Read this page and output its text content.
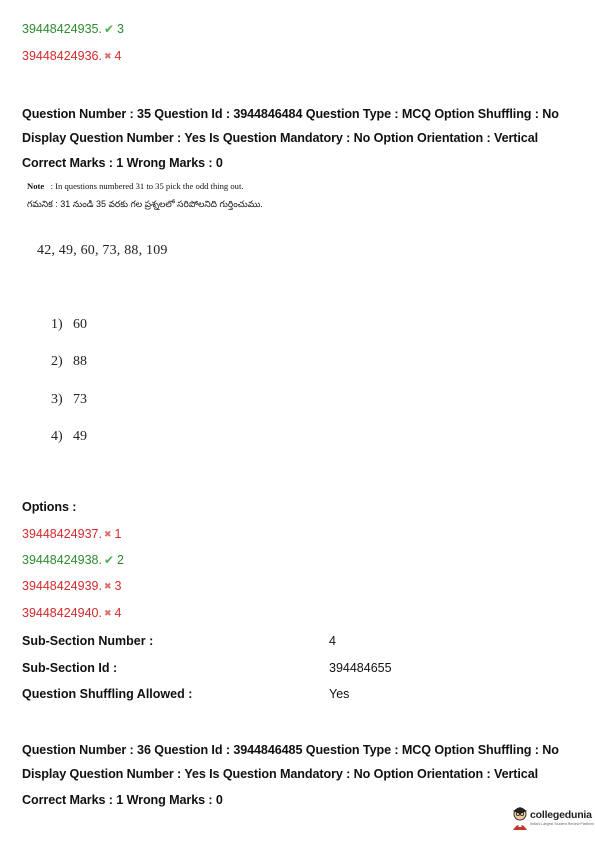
39448424935. ✔ 3
39448424936. ✖ 4
Question Number : 35 Question Id : 3944846484 Question Type : MCQ Option Shuffling : No
Display Question Number : Yes Is Question Mandatory : No Option Orientation : Vertical
Correct Marks : 1 Wrong Marks : 0
Note : In questions numbered 31 to 35 pick the odd thing out.
గమనిక : 31 నుండి 35 వరకు గల ప్రశ్నలలో సరిపోలనిది గుర్తించుము.
42, 49, 60, 73, 88, 109
1) 60
2) 88
3) 73
4) 49
Options :
39448424937. ✖ 1
39448424938. ✔ 2
39448424939. ✖ 3
39448424940. ✖ 4
Sub-Section Number :	4
Sub-Section Id :	394484655
Question Shuffling Allowed :	Yes
Question Number : 36 Question Id : 3944846485 Question Type : MCQ Option Shuffling : No
Display Question Number : Yes Is Question Mandatory : No Option Orientation : Vertical
Correct Marks : 1 Wrong Marks : 0
collegedunia
India's Largest Student Review Platform
